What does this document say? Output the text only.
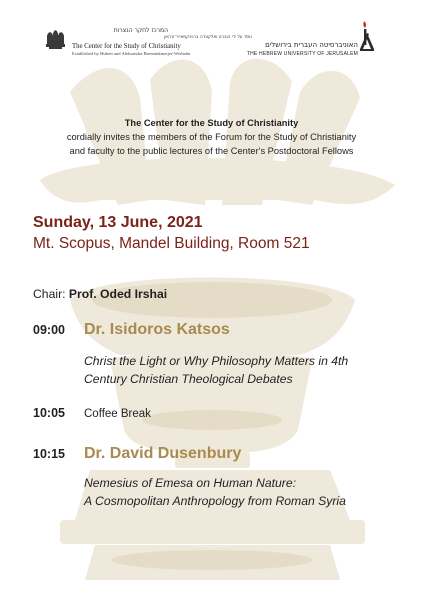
המרכז לחקר הנצרות
נוסד על ידי הוברט ואלקונדה ברנינקמאייר־ורהאן
The Center for the Study of Christianity
Established by Hubert and Aleksandra Brenninkmeijer-Werhahn
האוניברסיטה העברית בירושלים
THE HEBREW UNIVERSITY OF JERUSALEM
The Center for the Study of Christianity
cordially invites the members of the Forum for the Study of Christianity
and faculty to the public lectures of the Center's Postdoctoral Fellows
Sunday, 13 June, 2021
Mt. Scopus, Mandel Building, Room 521
Chair: Prof. Oded Irshai
09:00 Dr. Isidoros Katsos
Christ the Light or Why Philosophy Matters in 4th
Century Christian Theological Debates
10:05 Coffee Break
10:15 Dr. David Dusenbury
Nemesius of Emesa on Human Nature:
A Cosmopolitan Anthropology from Roman Syria
